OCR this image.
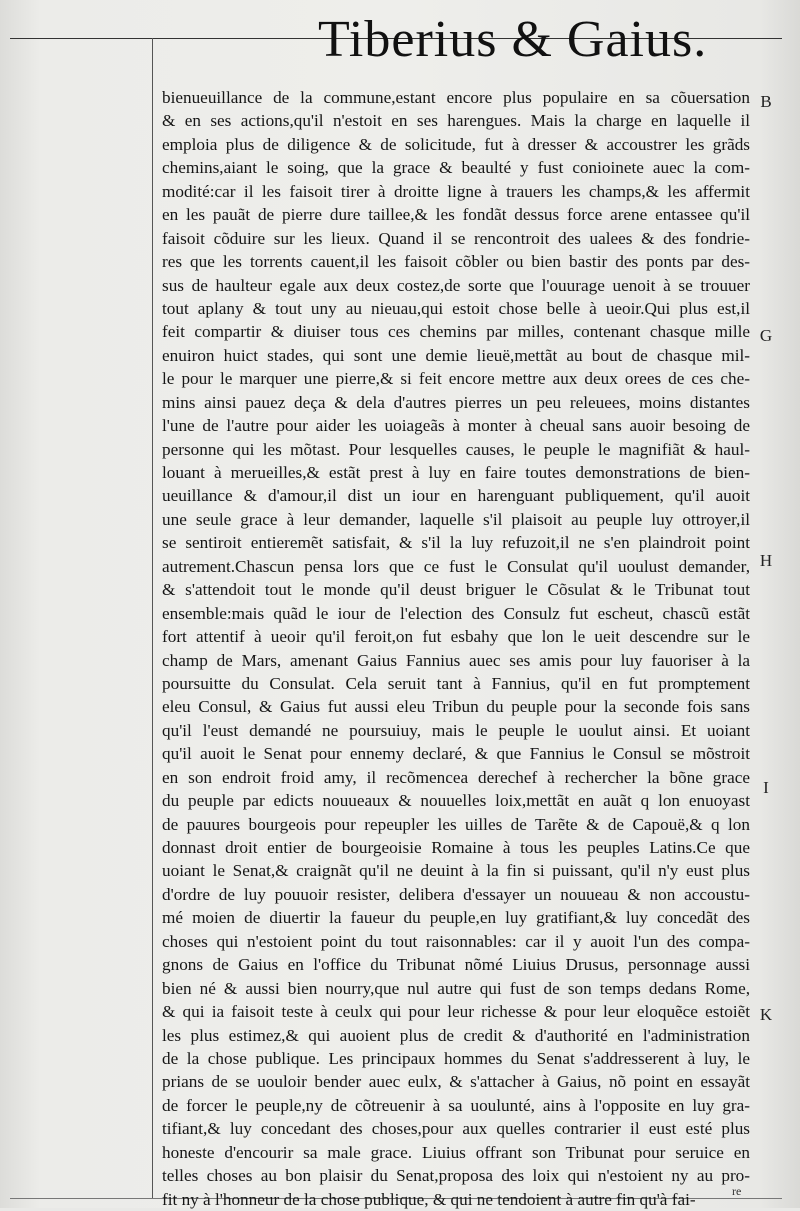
Tiberius & Gaius.
bienueuillance de la commune,estant encore plus populaire en sa cõuersation
& en ses actions,qu'il n'estoit en ses harengues. Mais la charge en laquelle il
emploia plus de diligence & de solicitude, fut à dresser & accoustrer les grãds
chemins,aiant le soing, que la grace & beaulté y fust conioinete auec la com-
modité:car il les faisoit tirer à droitte ligne à trauers les champs,& les affermit
en les pauãt de pierre dure taillee,& les fondãt dessus force arene entassee qu'il
faisoit cõduire sur les lieux. Quand il se rencontroit des ualees & des fondrie-
res que les torrents cauent,il les faisoit cõbler ou bien bastir des ponts par des-
sus de haulteur egale aux deux costez,de sorte que l'ouurage uenoit à se trouuer
tout aplany & tout uny au nieuau,qui estoit chose belle à ueoir.Qui plus est,il
feit compartir & diuiser tous ces chemins par milles, contenant chasque mille
enuiron huict stades, qui sont une demie lieuë,mettãt au bout de chasque mil-
le pour le marquer une pierre,& si feit encore mettre aux deux orees de ces che-
mins ainsi pauez deça & dela d'autres pierres un peu releuees, moins distantes
l'une de l'autre pour aider les uoiageãs à monter à cheual sans auoir besoing de
personne qui les mõtast. Pour lesquelles causes, le peuple le magnifiãt & haul-
louant à merueilles,& estãt prest à luy en faire toutes demonstrations de bien-
ueuillance & d'amour,il dist un iour en harenguant publiquement, qu'il auoit
une seule grace à leur demander, laquelle s'il plaisoit au peuple luy ottroyer,il
se sentiroit entieremẽt satisfait, & s'il la luy refuzoit,il ne s'en plaindroit point
autrement.Chascun pensa lors que ce fust le Consulat qu'il uoulust demander,
& s'attendoit tout le monde qu'il deust briguer le Cõsulat & le Tribunat tout
ensemble:mais quãd le iour de l'election des Consulz fut escheut, chascũ estãt
fort attentif à ueoir qu'il feroit,on fut esbahy que lon le ueit descendre sur le
champ de Mars, amenant Gaius Fannius auec ses amis pour luy fauoriser à la
poursuitte du Consulat. Cela seruit tant à Fannius, qu'il en fut promptement
eleu Consul, & Gaius fut aussi eleu Tribun du peuple pour la seconde fois sans
qu'il l'eust demandé ne poursuiuy, mais le peuple le uoulut ainsi. Et uoiant
qu'il auoit le Senat pour ennemy declaré, & que Fannius le Consul se mõstroit
en son endroit froid amy, il recõmencea derechef à rechercher la bõne grace
du peuple par edicts nouueaux & nouuelles loix,mettãt en auãt q lon enuoyast
de pauures bourgeois pour repeupler les uilles de Tarẽte & de Capouë,& q lon
donnast droit entier de bourgeoisie Romaine à tous les peuples Latins.Ce que
uoiant le Senat,& craignãt qu'il ne deuint à la fin si puissant, qu'il n'y eust plus
d'ordre de luy pouuoir resister, delibera d'essayer un nouueau & non accoustu-
mé moien de diuertir la faueur du peuple,en luy gratifiant,& luy concedãt des
choses qui n'estoient point du tout raisonnables: car il y auoit l'un des compa-
gnons de Gaius en l'office du Tribunat nõmé Liuius Drusus, personnage aussi
bien né & aussi bien nourry,que nul autre qui fust de son temps dedans Rome,
& qui ia faisoit teste à ceulx qui pour leur richesse & pour leur eloquẽce estoiẽt
les plus estimez,& qui auoient plus de credit & d'authorité en l'administration
de la chose publique. Les principaux hommes du Senat s'addresserent à luy, le
prians de se uouloir bender auec eulx, & s'attacher à Gaius, nõ point en essayãt
de forcer le peuple,ny de cõtreuenir à sa uoulunté, ains à l'opposite en luy gra-
tifiant,& luy concedant des choses,pour aux quelles contrarier il eust esté plus
honeste d'encourir sa male grace. Liuius offrant son Tribunat pour seruice en
telles choses au bon plaisir du Senat,proposa des loix qui n'estoient ny au pro-
fit ny à l'honneur de la chose publique, & qui ne tendoient à autre fin qu'à fai-
B
G
H
I
K
re
